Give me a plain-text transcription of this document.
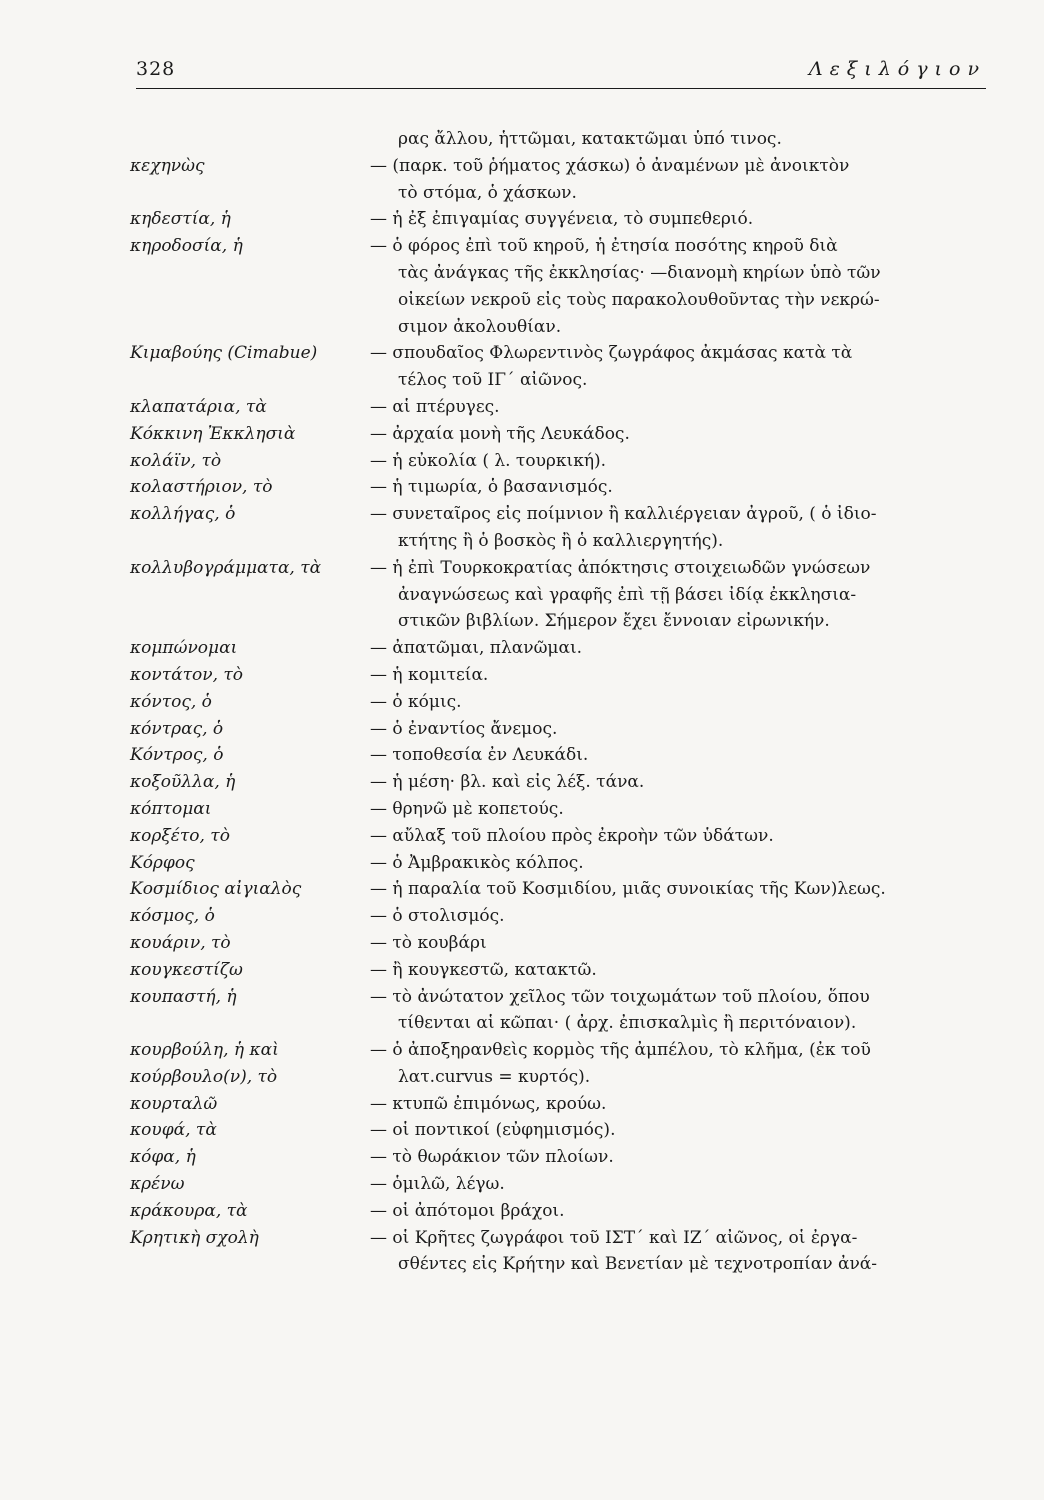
328	Λεξιλόγιον
ρας ἄλλου, ἡττῶμαι, κατακτῶμαι ὑπό τινος.
κεχηνὼς	— (παρκ. τοῦ ῥήματος χάσκω) ὁ ἀναμένων μὲ ἀνοικτὸν
τὸ στόμα, ὁ χάσκων.
κηδεστία, ἡ	— ἡ ἐξ ἐπιγαμίας συγγένεια, τὸ συμπεθεριό.
κηροδοσία, ἡ	— ὁ φόρος ἐπὶ τοῦ κηροῦ, ἡ ἐτησία ποσότης κηροῦ διὰ
τὰς ἀνάγκας τῆς ἐκκλησίας· —διανομὴ κηρίων ὑπὸ τῶν
οἰκείων νεκροῦ εἰς τοὺς παρακολουθοῦντας τὴν νεκρώ-
σιμον ἀκολουθίαν.
Κιμαβούης (Cimabue)	— σπουδαῖος Φλωρεντινὸς ζωγράφος ἀκμάσας κατὰ τὰ
τέλος τοῦ ΙΓ΄ αἰῶνος.
κλαπατάρια, τὰ	— αἱ πτέρυγες.
Κόκκινη Ἐκκλησιὰ	— ἀρχαία μονὴ τῆς Λευκάδος.
κολάϊν, τὸ	— ἡ εὐκολία ( λ. τουρκική).
κολαστήριον, τὸ	— ἡ τιμωρία, ὁ βασανισμός.
κολλήγας, ὁ	— συνεταῖρος εἰς ποίμνιον ἢ καλλιέργειαν ἀγροῦ, ( ὁ ἰδιο-
κτήτης ἢ ὁ βοσκὸς ἢ ὁ καλλιεργητής).
κολλυβογράμματα, τὰ	— ἡ ἐπὶ Τουρκοκρατίας ἀπόκτησις στοιχειωδῶν γνώσεων
ἀναγνώσεως καὶ γραφῆς ἐπὶ τῇ βάσει ἰδίᾳ ἐκκλησια-
στικῶν βιβλίων. Σήμερον ἔχει ἔννοιαν εἰρωνικήν.
κομπώνομαι	— ἀπατῶμαι, πλανῶμαι.
κοντάτον, τὸ	— ἡ κομιτεία.
κόντος, ὁ	— ὁ κόμις.
κόντρας, ὁ	— ὁ ἐναντίος ἄνεμος.
Κόντρος, ὁ	— τοποθεσία ἐν Λευκάδι.
κοξοῦλλα, ἡ	— ἡ μέση· βλ. καὶ εἰς λέξ. τάνα.
κόπτομαι	— θρηνῶ μὲ κοπετούς.
κορξέτο, τὸ	— αὔλαξ τοῦ πλοίου πρὸς ἐκροὴν τῶν ὑδάτων.
Κόρφος	— ὁ Ἀμβρακικὸς κόλπος.
Κοσμίδιος αἰγιαλὸς	— ἡ παραλία τοῦ Κοσμιδίου, μιᾶς συνοικίας τῆς Κων)λεως.
κόσμος, ὁ	— ὁ στολισμός.
κουάριν, τὸ	— τὸ κουβάρι
κουγκεστίζω	— ἢ κουγκεστῶ, κατακτῶ.
κουπαστή, ἡ	— τὸ ἀνώτατον χεῖλος τῶν τοιχωμάτων τοῦ πλοίου, ὅπου
τίθενται αἱ κῶπαι· ( ἀρχ. ἐπισκαλμὶς ἢ περιτόναιον).
κουρβούλη, ἡ καὶ	— ὁ ἀποξηρανθεὶς κορμὸς τῆς ἀμπέλου, τὸ κλῆμα, (ἐκ τοῦ
κούρβουλο(ν), τὸ	λατ.curvus = κυρτός).
κουρταλῶ	— κτυπῶ ἐπιμόνως, κρούω.
κουφά, τὰ	— οἱ ποντικοί (εὐφημισμός).
κόφα, ἡ	— τὸ θωράκιον τῶν πλοίων.
κρένω	— ὁμιλῶ, λέγω.
κράκουρα, τὰ	— οἱ ἀπότομοι βράχοι.
Κρητικὴ σχολὴ	— οἱ Κρῆτες ζωγράφοι τοῦ ΙΣΤ΄ καὶ ΙΖ΄ αἰῶνος, οἱ ἐργα-
σθέντες εἰς Κρήτην καὶ Βενετίαν μὲ τεχνοτροπίαν ἀνά-
